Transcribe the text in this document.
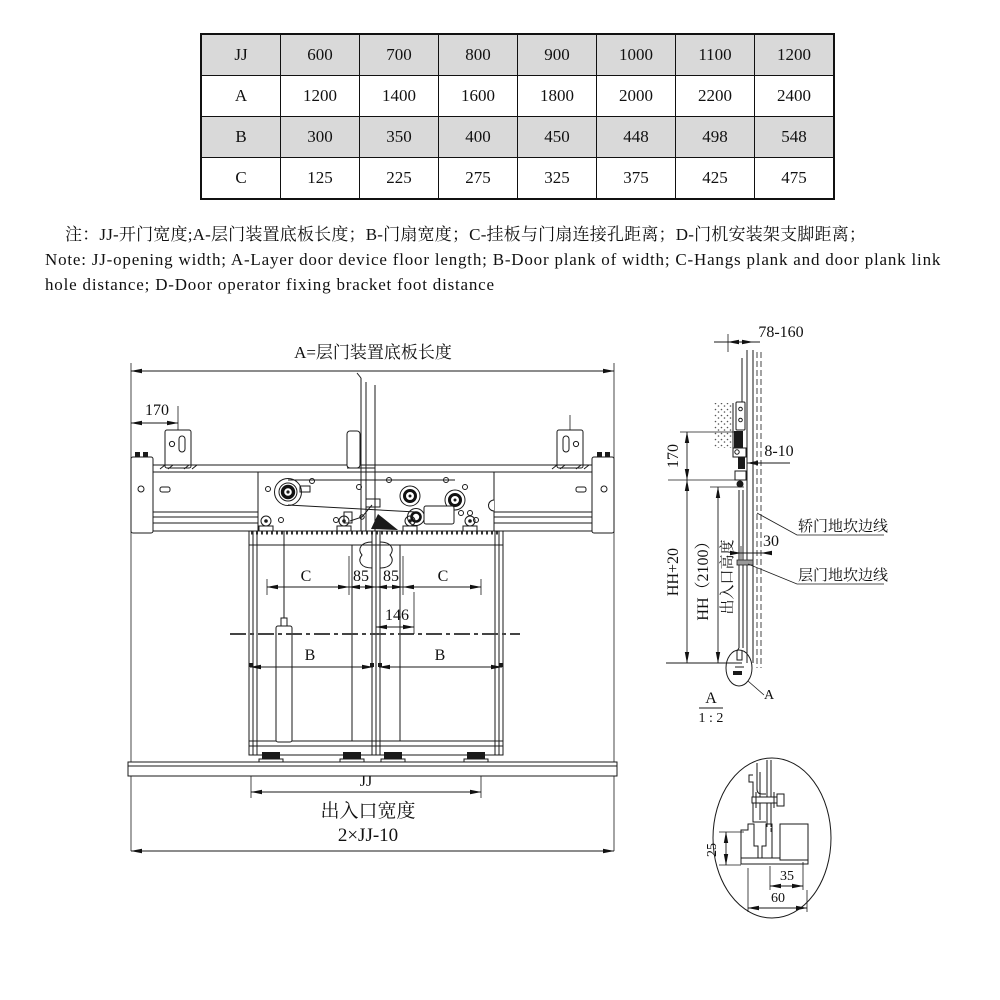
JJ	600	700	800	900	1000	1100	1200
A	1200	1400	1600	1800	2000	2200	2400
B	300	350	400	450	448	498	548
C	125	225	275	325	375	425	475

注：JJ-开门宽度;A-层门装置底板长度；B-门扇宽度；C-挂板与门扇连接孔距离；D-门机安装架支脚距离；

Note: JJ-opening width; A-Layer door device floor length; B-Door plank of width; C-Hangs plank and door plank link hole distance; D-Door operator fixing bracket foot distance

A=层门装置底板长度
170
C	85 85 C
146
B	B
JJ
出入口宽度
2×JJ-10
78-160
170
HH+20 HH（2100） 出入口高度
8-10
30
轿门地坎边线
层门地坎边线
A
A
1 : 2
25
35
60
